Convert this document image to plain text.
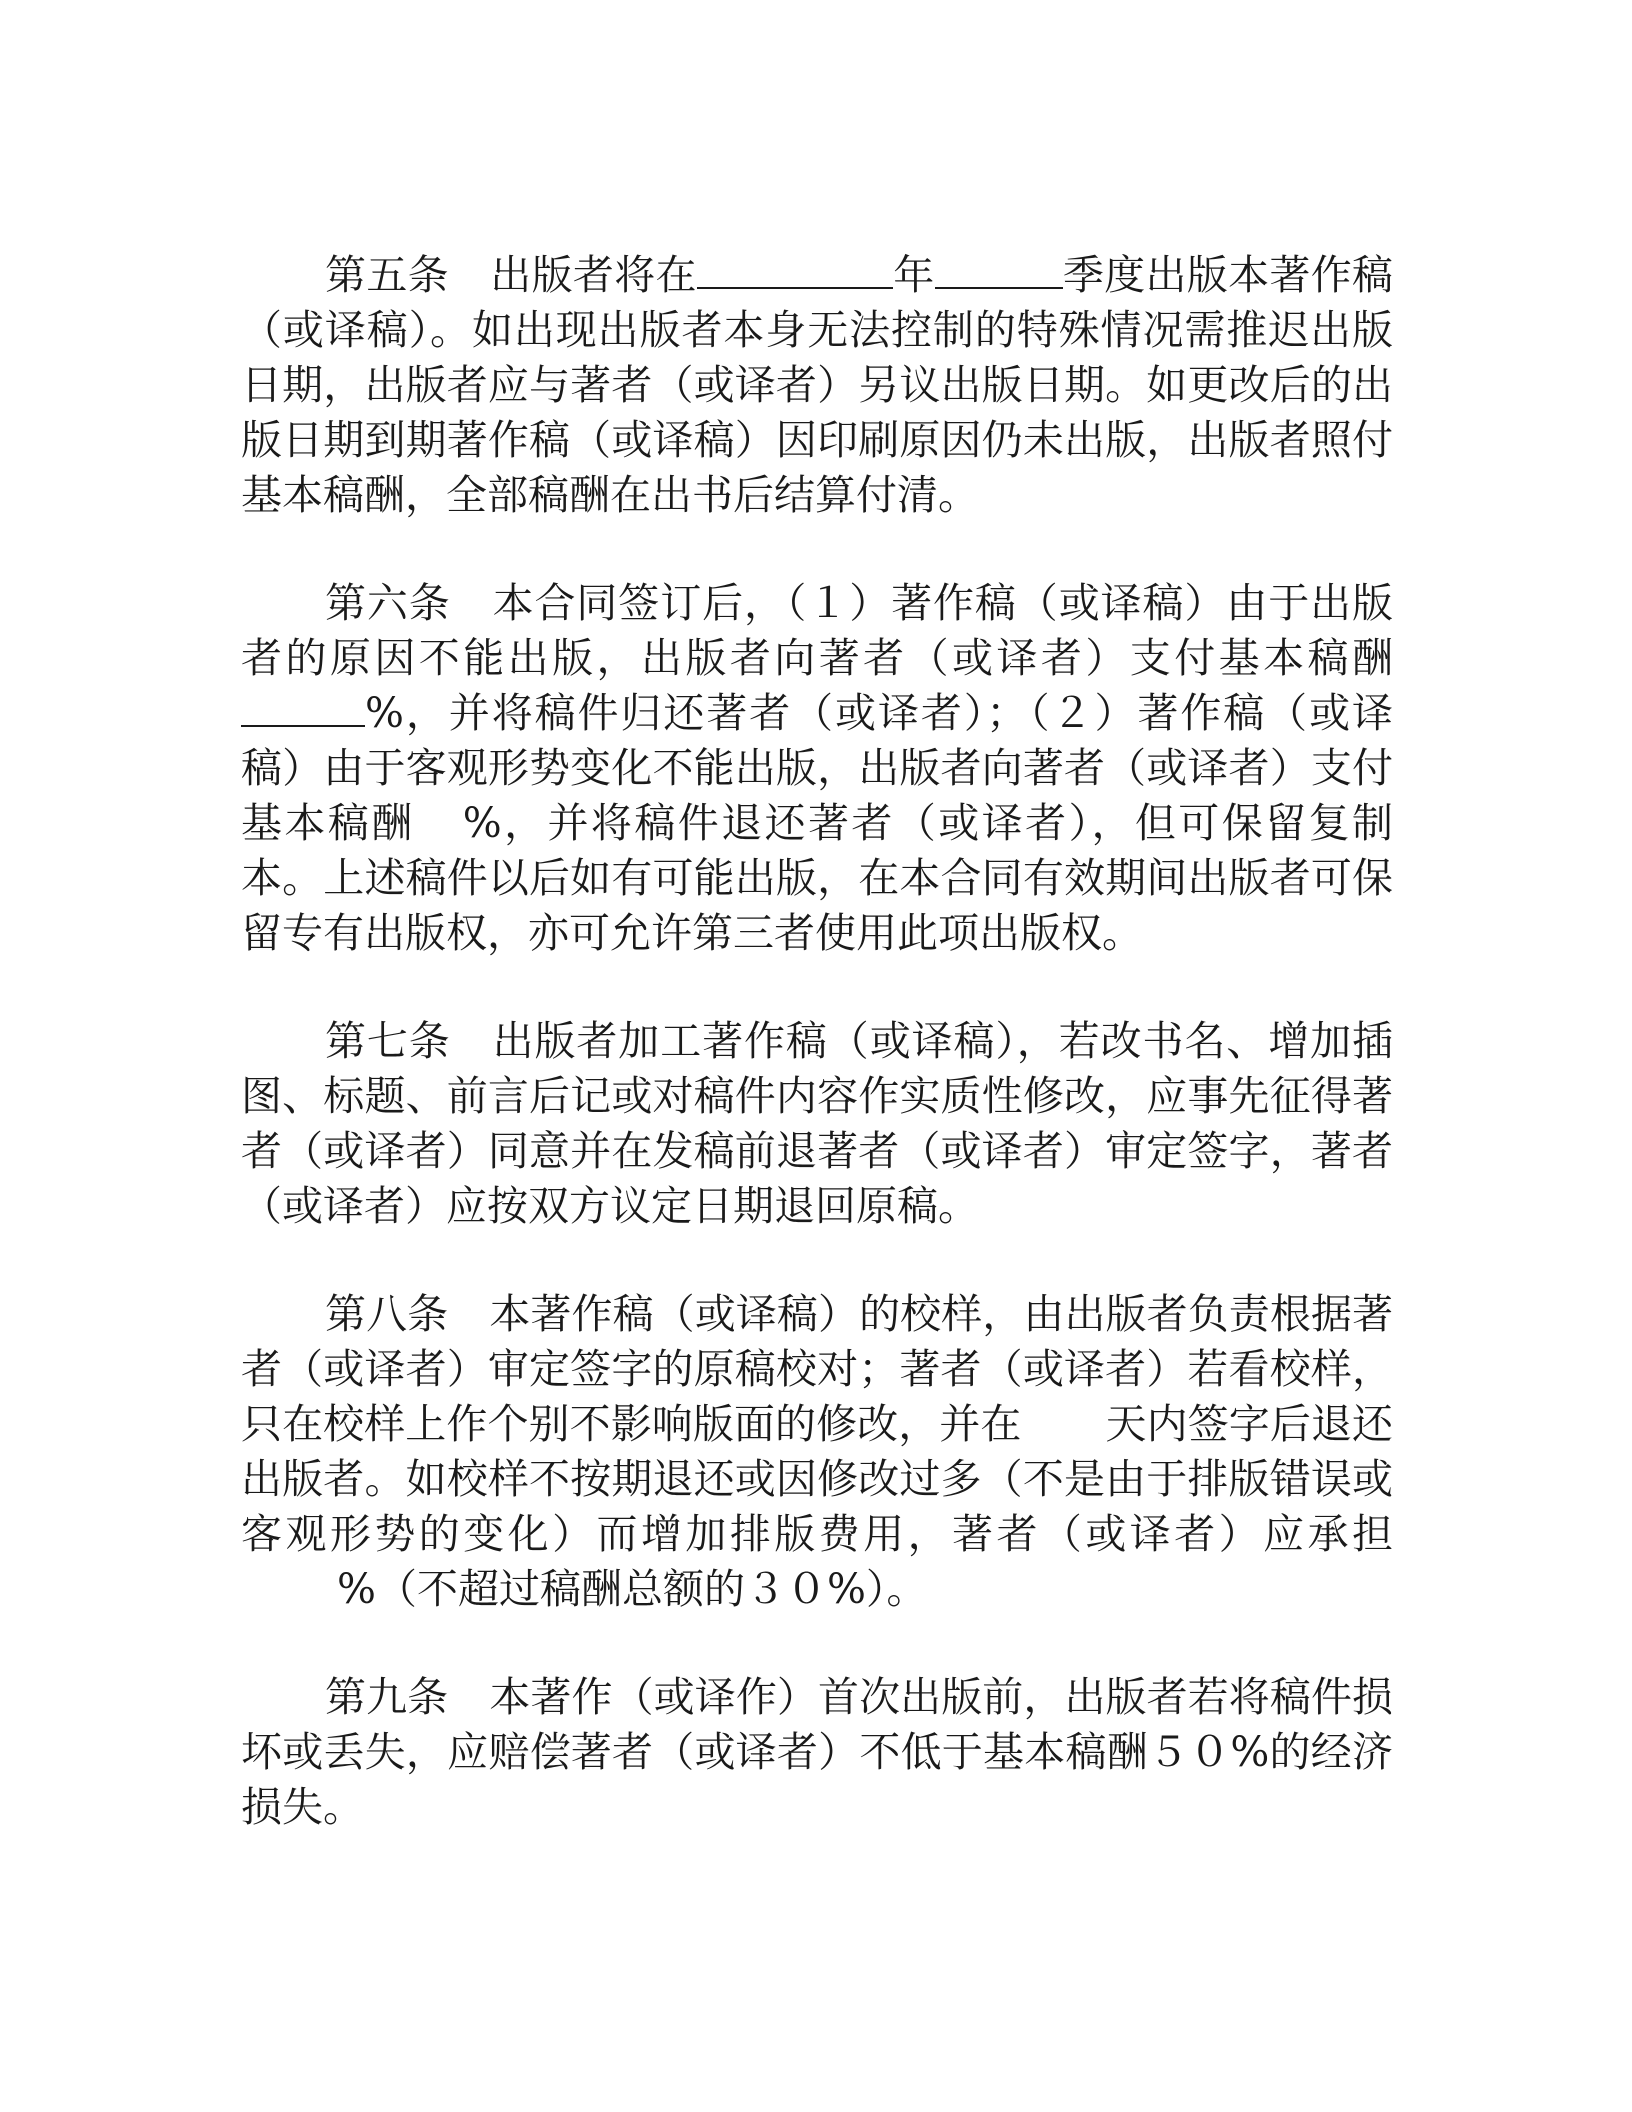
第五条　 出版者将在	年	季度出版本著作稿（或译稿）。如出现出版者本身无法控制的特殊情况需推迟出版日期，出版者应与著者（或译者）另议出版日期。如更改后的出版日期到期著作稿（或译稿）因印刷原因仍未出版，出版者照付基本稿酬，全部稿酬在出书后结算付清。

第六条　 本合同签订后，（１）著作稿（或译稿）由于出版者的原因不能出版，出版者向著者（或译者）支付基本稿酬%，并将稿件归还著者（或译者）；（２）著作稿（或译稿）由于客观形势变化不能出版，出版者向著者（或译者）支付基本稿酬 %，并将稿件退还著者（或译者），但可保留复制本。上述稿件以后如有可能出版，在本合同有效期间出版者可保留专有出版权，亦可允许第三者使用此项出版权。

第七条　 出版者加工著作稿（或译稿），若改书名、增加插图、标题、前言后记或对稿件内容作实质性修改，应事先征得著者（或译者）同意并在发稿前退著者（或译者）审定签字，著者（或译者）应按双方议定日期退回原稿。

第八条　 本著作稿（或译稿）的校样，由出版者负责根据著者（或译者）审定签字的原稿校对；著者（或译者）若看校样，只在校样上作个别不影响版面的修改，并在 天内签字后退还出版者。如校样不按期退还或因修改过多（不是由于排版错误或客观形势的变化）而增加排版费用，著者（或译者）应承担%（不超过稿酬总额的３０%）。

第九条　 本著作（或译作）首次出版前，出版者若将稿件损坏或丢失，应赔偿著者（或译者）不低于基本稿酬５０%的经济损失。
